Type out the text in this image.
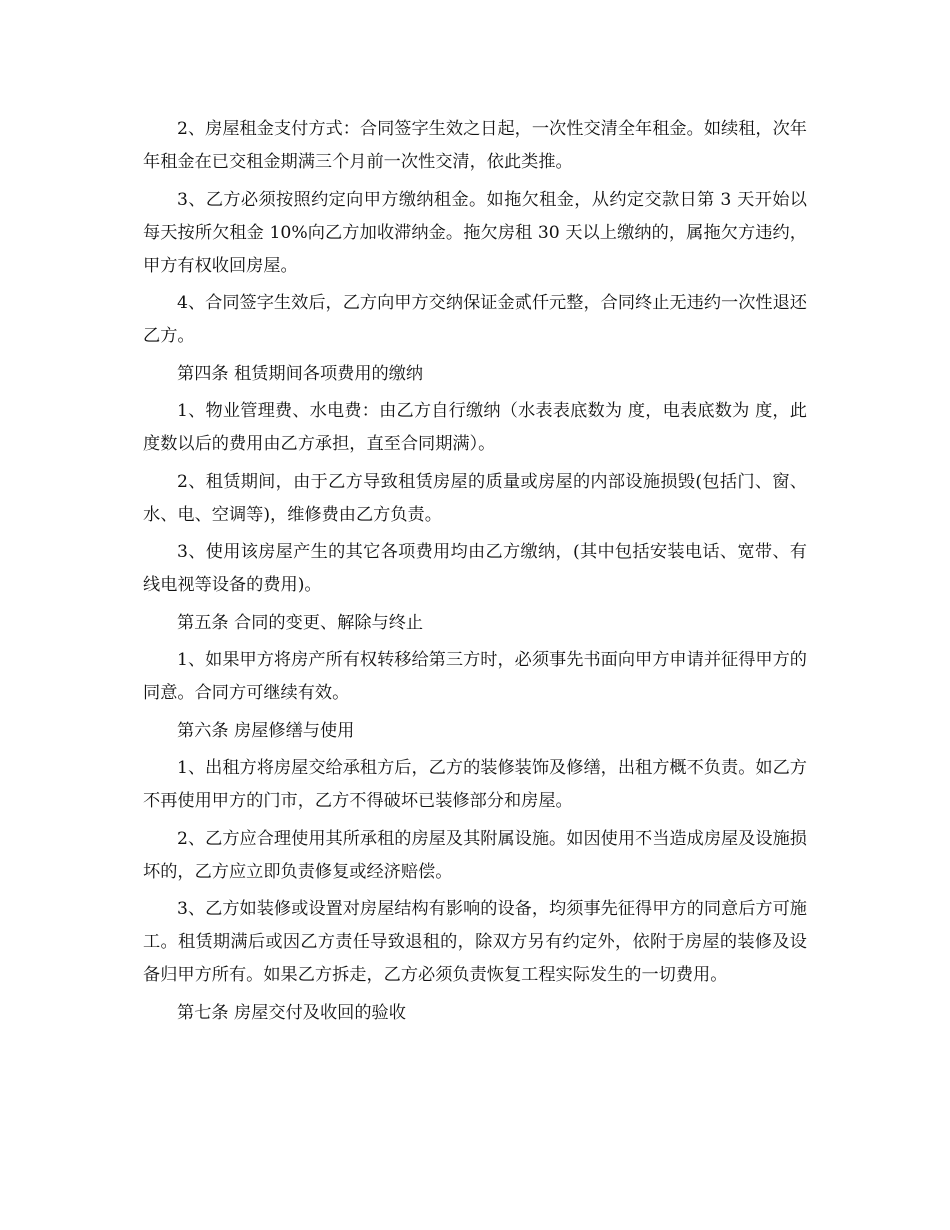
2、房屋租金支付方式：合同签字生效之日起，一次性交清全年租金。如续租，次年年租金在已交租金期满三个月前一次性交清，依此类推。

3、乙方必须按照约定向甲方缴纳租金。如拖欠租金，从约定交款日第 3 天开始以每天按所欠租金 10%向乙方加收滞纳金。拖欠房租 30 天以上缴纳的，属拖欠方违约，甲方有权收回房屋。

4、合同签字生效后，乙方向甲方交纳保证金贰仟元整，合同终止无违约一次性退还乙方。

第四条 租赁期间各项费用的缴纳

1、物业管理费、水电费：由乙方自行缴纳（水表表底数为 度，电表底数为 度，此度数以后的费用由乙方承担，直至合同期满）。

2、租赁期间，由于乙方导致租赁房屋的质量或房屋的内部设施损毁(包括门、窗、水、电、空调等)，维修费由乙方负责。

3、使用该房屋产生的其它各项费用均由乙方缴纳，(其中包括安装电话、宽带、有线电视等设备的费用)。

第五条 合同的变更、解除与终止

1、如果甲方将房产所有权转移给第三方时，必须事先书面向甲方申请并征得甲方的同意。合同方可继续有效。

第六条 房屋修缮与使用

1、出租方将房屋交给承租方后，乙方的装修装饰及修缮，出租方概不负责。如乙方不再使用甲方的门市，乙方不得破坏已装修部分和房屋。

2、乙方应合理使用其所承租的房屋及其附属设施。如因使用不当造成房屋及设施损坏的，乙方应立即负责修复或经济赔偿。

3、乙方如装修或设置对房屋结构有影响的设备，均须事先征得甲方的同意后方可施工。租赁期满后或因乙方责任导致退租的，除双方另有约定外，依附于房屋的装修及设备归甲方所有。如果乙方拆走，乙方必须负责恢复工程实际发生的一切费用。

第七条 房屋交付及收回的验收
